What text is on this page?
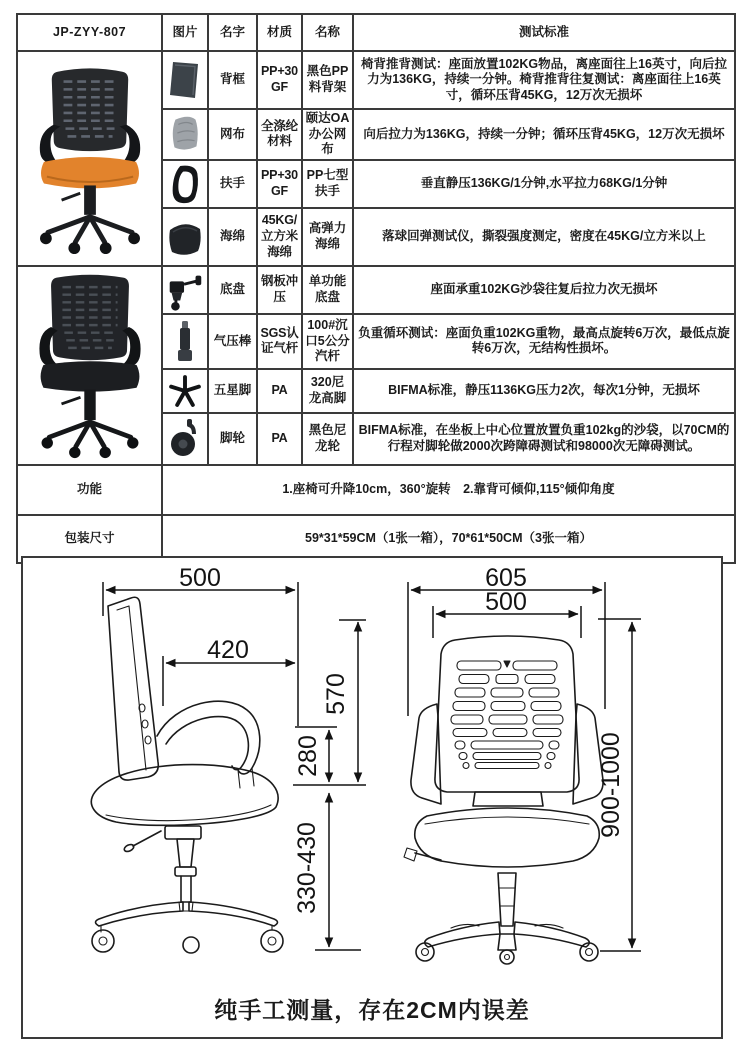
JP-ZYY-807	图片	名字	材质	名称	测试标准

	背框	PP+30GF	黑色PP料背架	椅背推背测试：座面放置102KG物品，离座面往上16英寸，向后拉力为136KG，持续一分钟。椅背推背往复测试：离座面往上16英寸，循环压背45KG，12万次无损坏

	网布	全涤纶材料	颐达OA办公网布	向后拉力为136KG，持续一分钟；循环压背45KG，12万次无损坏

	扶手	PP+30GF	PP七型扶手	垂直静压136KG/1分钟,水平拉力68KG/1分钟

	海绵	45KG/立方米海绵	高弹力海绵	落球回弹测试仪，撕裂强度测定，密度在45KG/立方米以上

	底盘	钢板冲压	单功能底盘	座面承重102KG沙袋往复后拉力次无损坏

	气压棒	SGS认证气杆	100#沉口5公分汽杆	负重循环测试：座面负重102KG重物，最高点旋转6万次，最低点旋转6万次，无结构性损坏。

	五星脚	PA	320尼龙高脚	BIFMA标准，静压1136KG压力2次，每次1分钟，无损坏

	脚轮	PA	黑色尼龙轮	BIFMA标准，在坐板上中心位置放置负重102kg的沙袋，以70CM的行程对脚轮做2000次跨障碍测试和98000次无障碍测试。
功能	1.座椅可升降10cm，360°旋转　2.靠背可倾仰,115°倾仰角度				
包装尺寸	59*31*59CM（1张一箱），70*61*50CM（3张一箱）				
500
420
570
280
330-430
605
500
900-1000
纯手工测量，存在2CM内误差
